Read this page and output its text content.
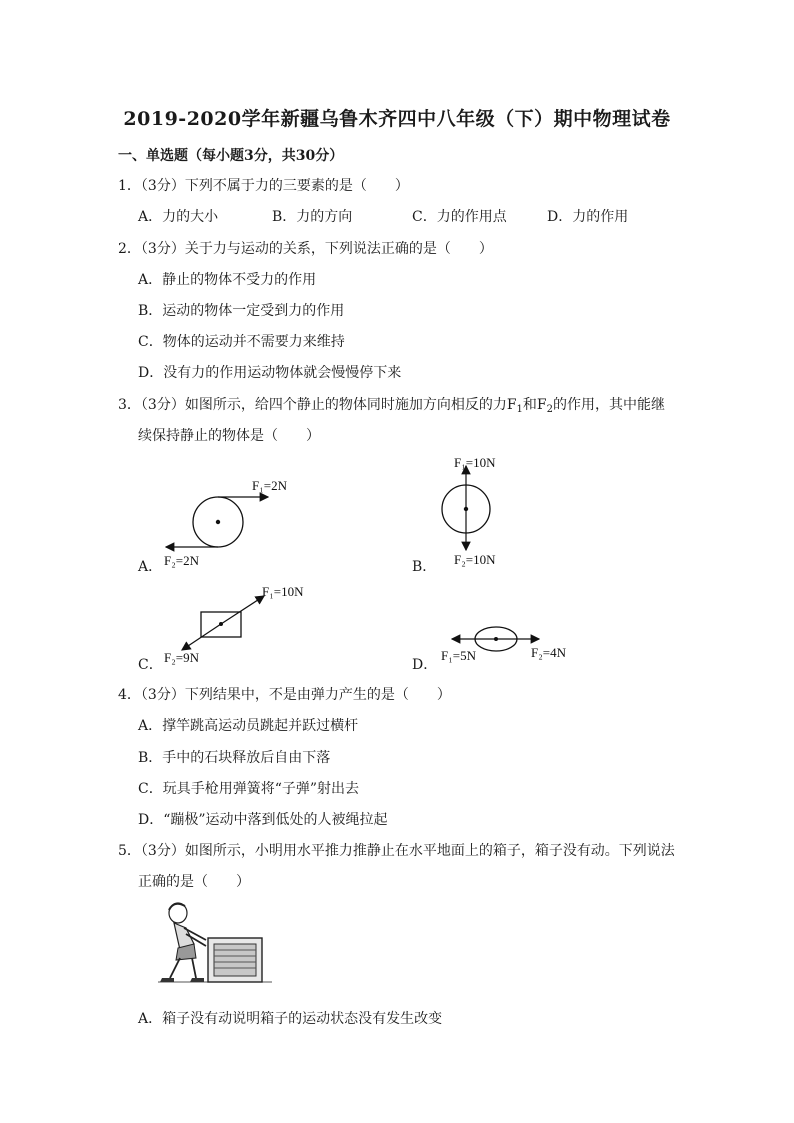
2019-2020学年新疆乌鲁木齐四中八年级（下）期中物理试卷
一、单选题（每小题3分，共30分）
1．（3分）下列不属于力的三要素的是（　　）
A．力的大小	B．力的方向	C．力的作用点	D．力的作用
2．（3分）关于力与运动的关系，下列说法正确的是（　　）
A．静止的物体不受力的作用
B．运动的物体一定受到力的作用
C．物体的运动并不需要力来维持
D．没有力的作用运动物体就会慢慢停下来
3．（3分）如图所示，给四个静止的物体同时施加方向相反的力$F_1$和$F_2$的作用，其中能继
续保持静止的物体是（　　）
A．
F₁=2N
F₂=2N	B．
F₁=10N
F₂=10N
C．
F₁=10N
F₂=9N	D．
F₁=5N	F₂=4N
4．（3分）下列结果中，不是由弹力产生的是（　　）
A．撑竿跳高运动员跳起并跃过横杆
B．手中的石块释放后自由下落
C．玩具手枪用弹簧将“子弹”射出去
D．“蹦极”运动中落到低处的人被绳拉起
5．（3分）如图所示，小明用水平推力推静止在水平地面上的箱子，箱子没有动。下列说法
正确的是（　　）
A．箱子没有动说明箱子的运动状态没有发生改变
